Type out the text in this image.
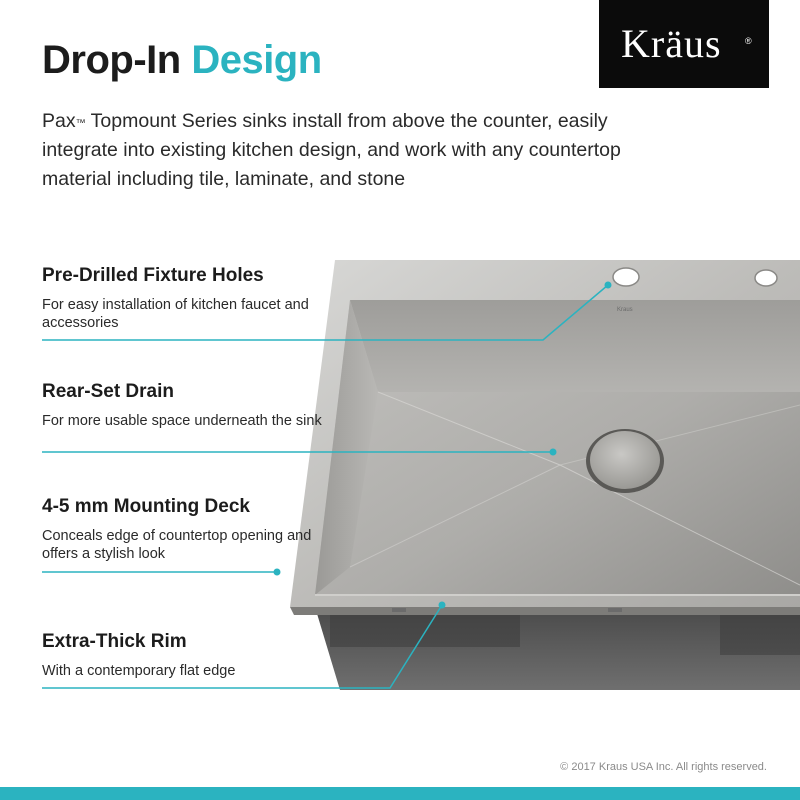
Drop-In Design
Pax™ Topmount Series sinks install from above the counter, easily integrate into existing kitchen design, and work with any countertop material including tile, laminate, and stone
Kräus	®
Kraus
Pre-Drilled Fixture Holes

For easy installation of kitchen faucet and accessories

Rear-Set Drain

For more usable space underneath the sink

4-5 mm Mounting Deck

Conceals edge of countertop opening and offers a stylish look

Extra-Thick Rim

With a contemporary flat edge

© 2017 Kraus USA Inc. All rights reserved.
